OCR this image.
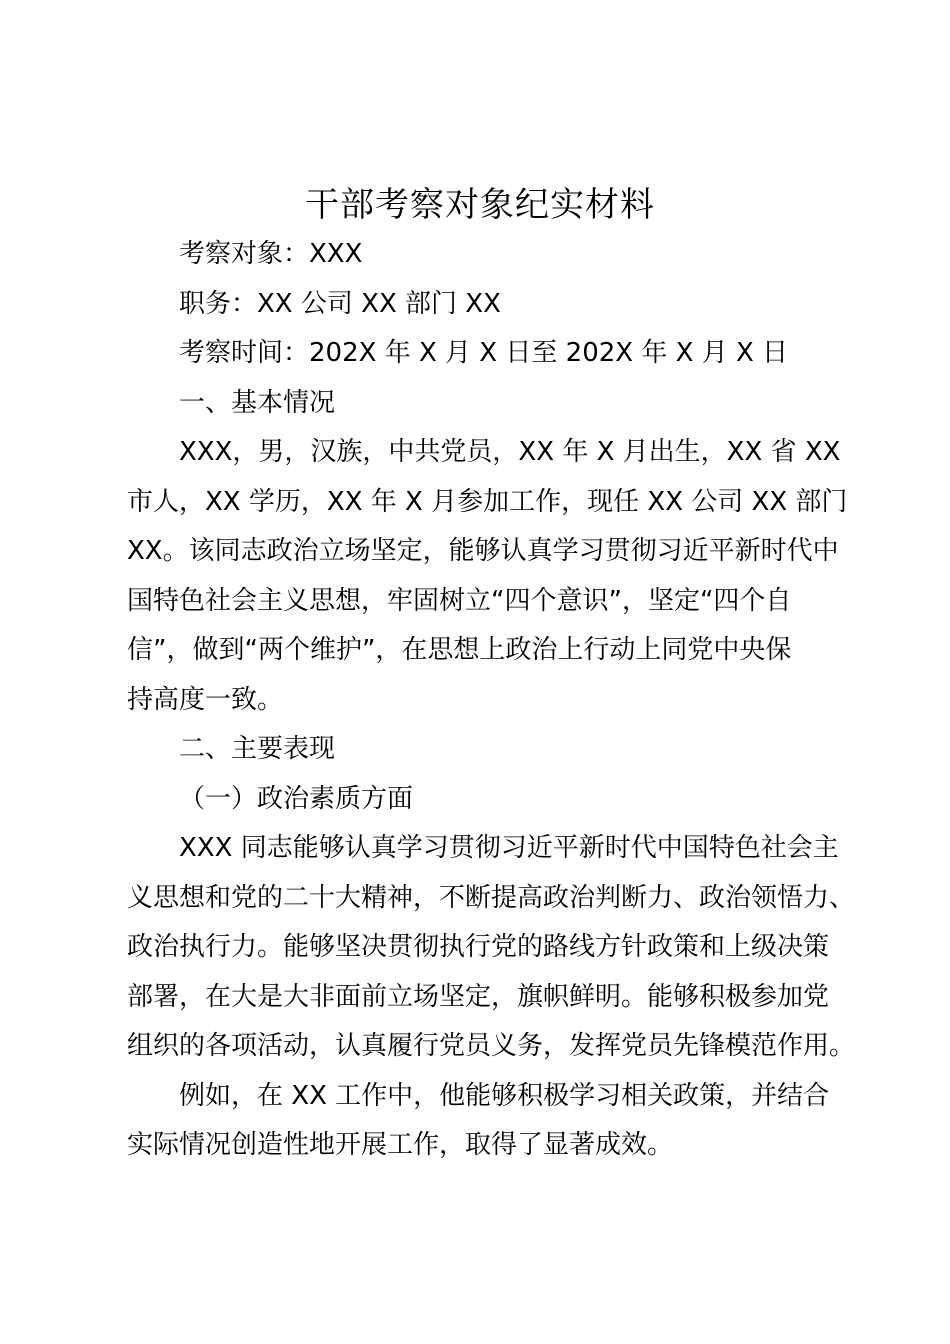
干部考察对象纪实材料
考察对象：XXX
职务：XX 公司 XX 部门 XX
考察时间：202X 年 X 月 X 日至 202X 年 X 月 X 日
一、基本情况
XXX，男，汉族，中共党员，XX 年 X 月出生，XX 省 XX
市人，XX 学历，XX 年 X 月参加工作，现任 XX 公司 XX 部门
XX。该同志政治立场坚定，能够认真学习贯彻习近平新时代中
国特色社会主义思想，牢固树立“四个意识”，坚定“四个自
信”，做到“两个维护”，在思想上政治上行动上同党中央保
持高度一致。
二、主要表现
（一）政治素质方面
XXX 同志能够认真学习贯彻习近平新时代中国特色社会主
义思想和党的二十大精神，不断提高政治判断力、政治领悟力、
政治执行力。能够坚决贯彻执行党的路线方针政策和上级决策
部署，在大是大非面前立场坚定，旗帜鲜明。能够积极参加党
组织的各项活动，认真履行党员义务，发挥党员先锋模范作用。
例如，在 XX 工作中，他能够积极学习相关政策，并结合
实际情况创造性地开展工作，取得了显著成效。
